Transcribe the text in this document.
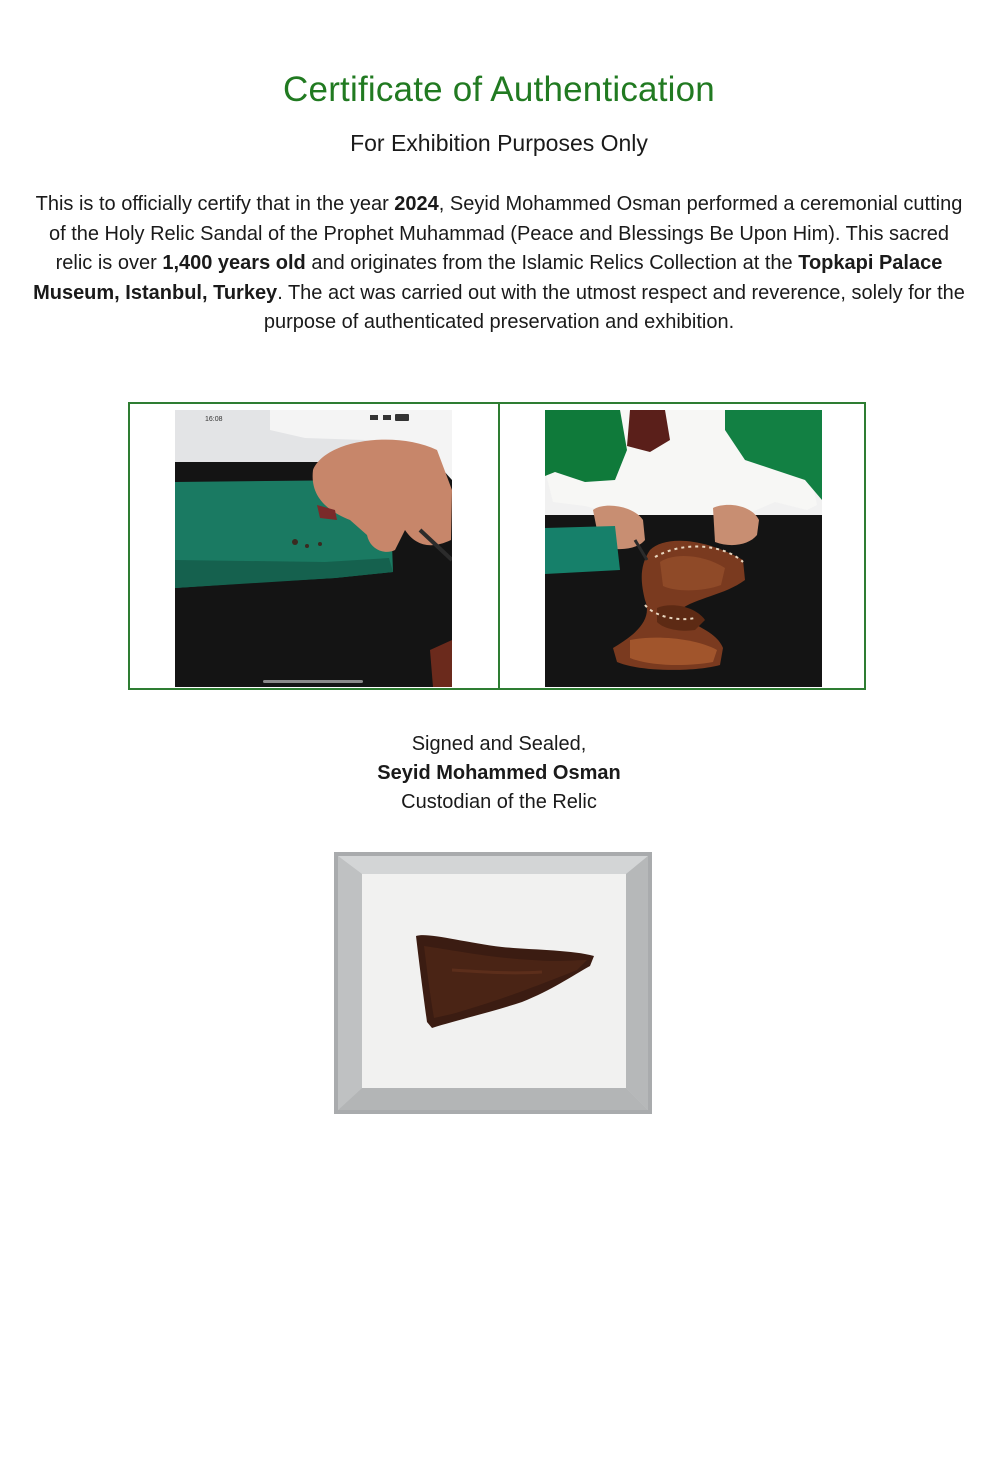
Certificate of Authentication
For Exhibition Purposes Only
This is to officially certify that in the year 2024, Seyid Mohammed Osman performed a ceremonial cutting of the Holy Relic Sandal of the Prophet Muhammad (Peace and Blessings Be Upon Him). This sacred relic is over 1,400 years old and originates from the Islamic Relics Collection at the Topkapi Palace Museum, Istanbul, Turkey. The act was carried out with the utmost respect and reverence, solely for the purpose of authenticated preservation and exhibition.
16:08
Signed and Sealed,
Seyid Mohammed Osman
Custodian of the Relic
